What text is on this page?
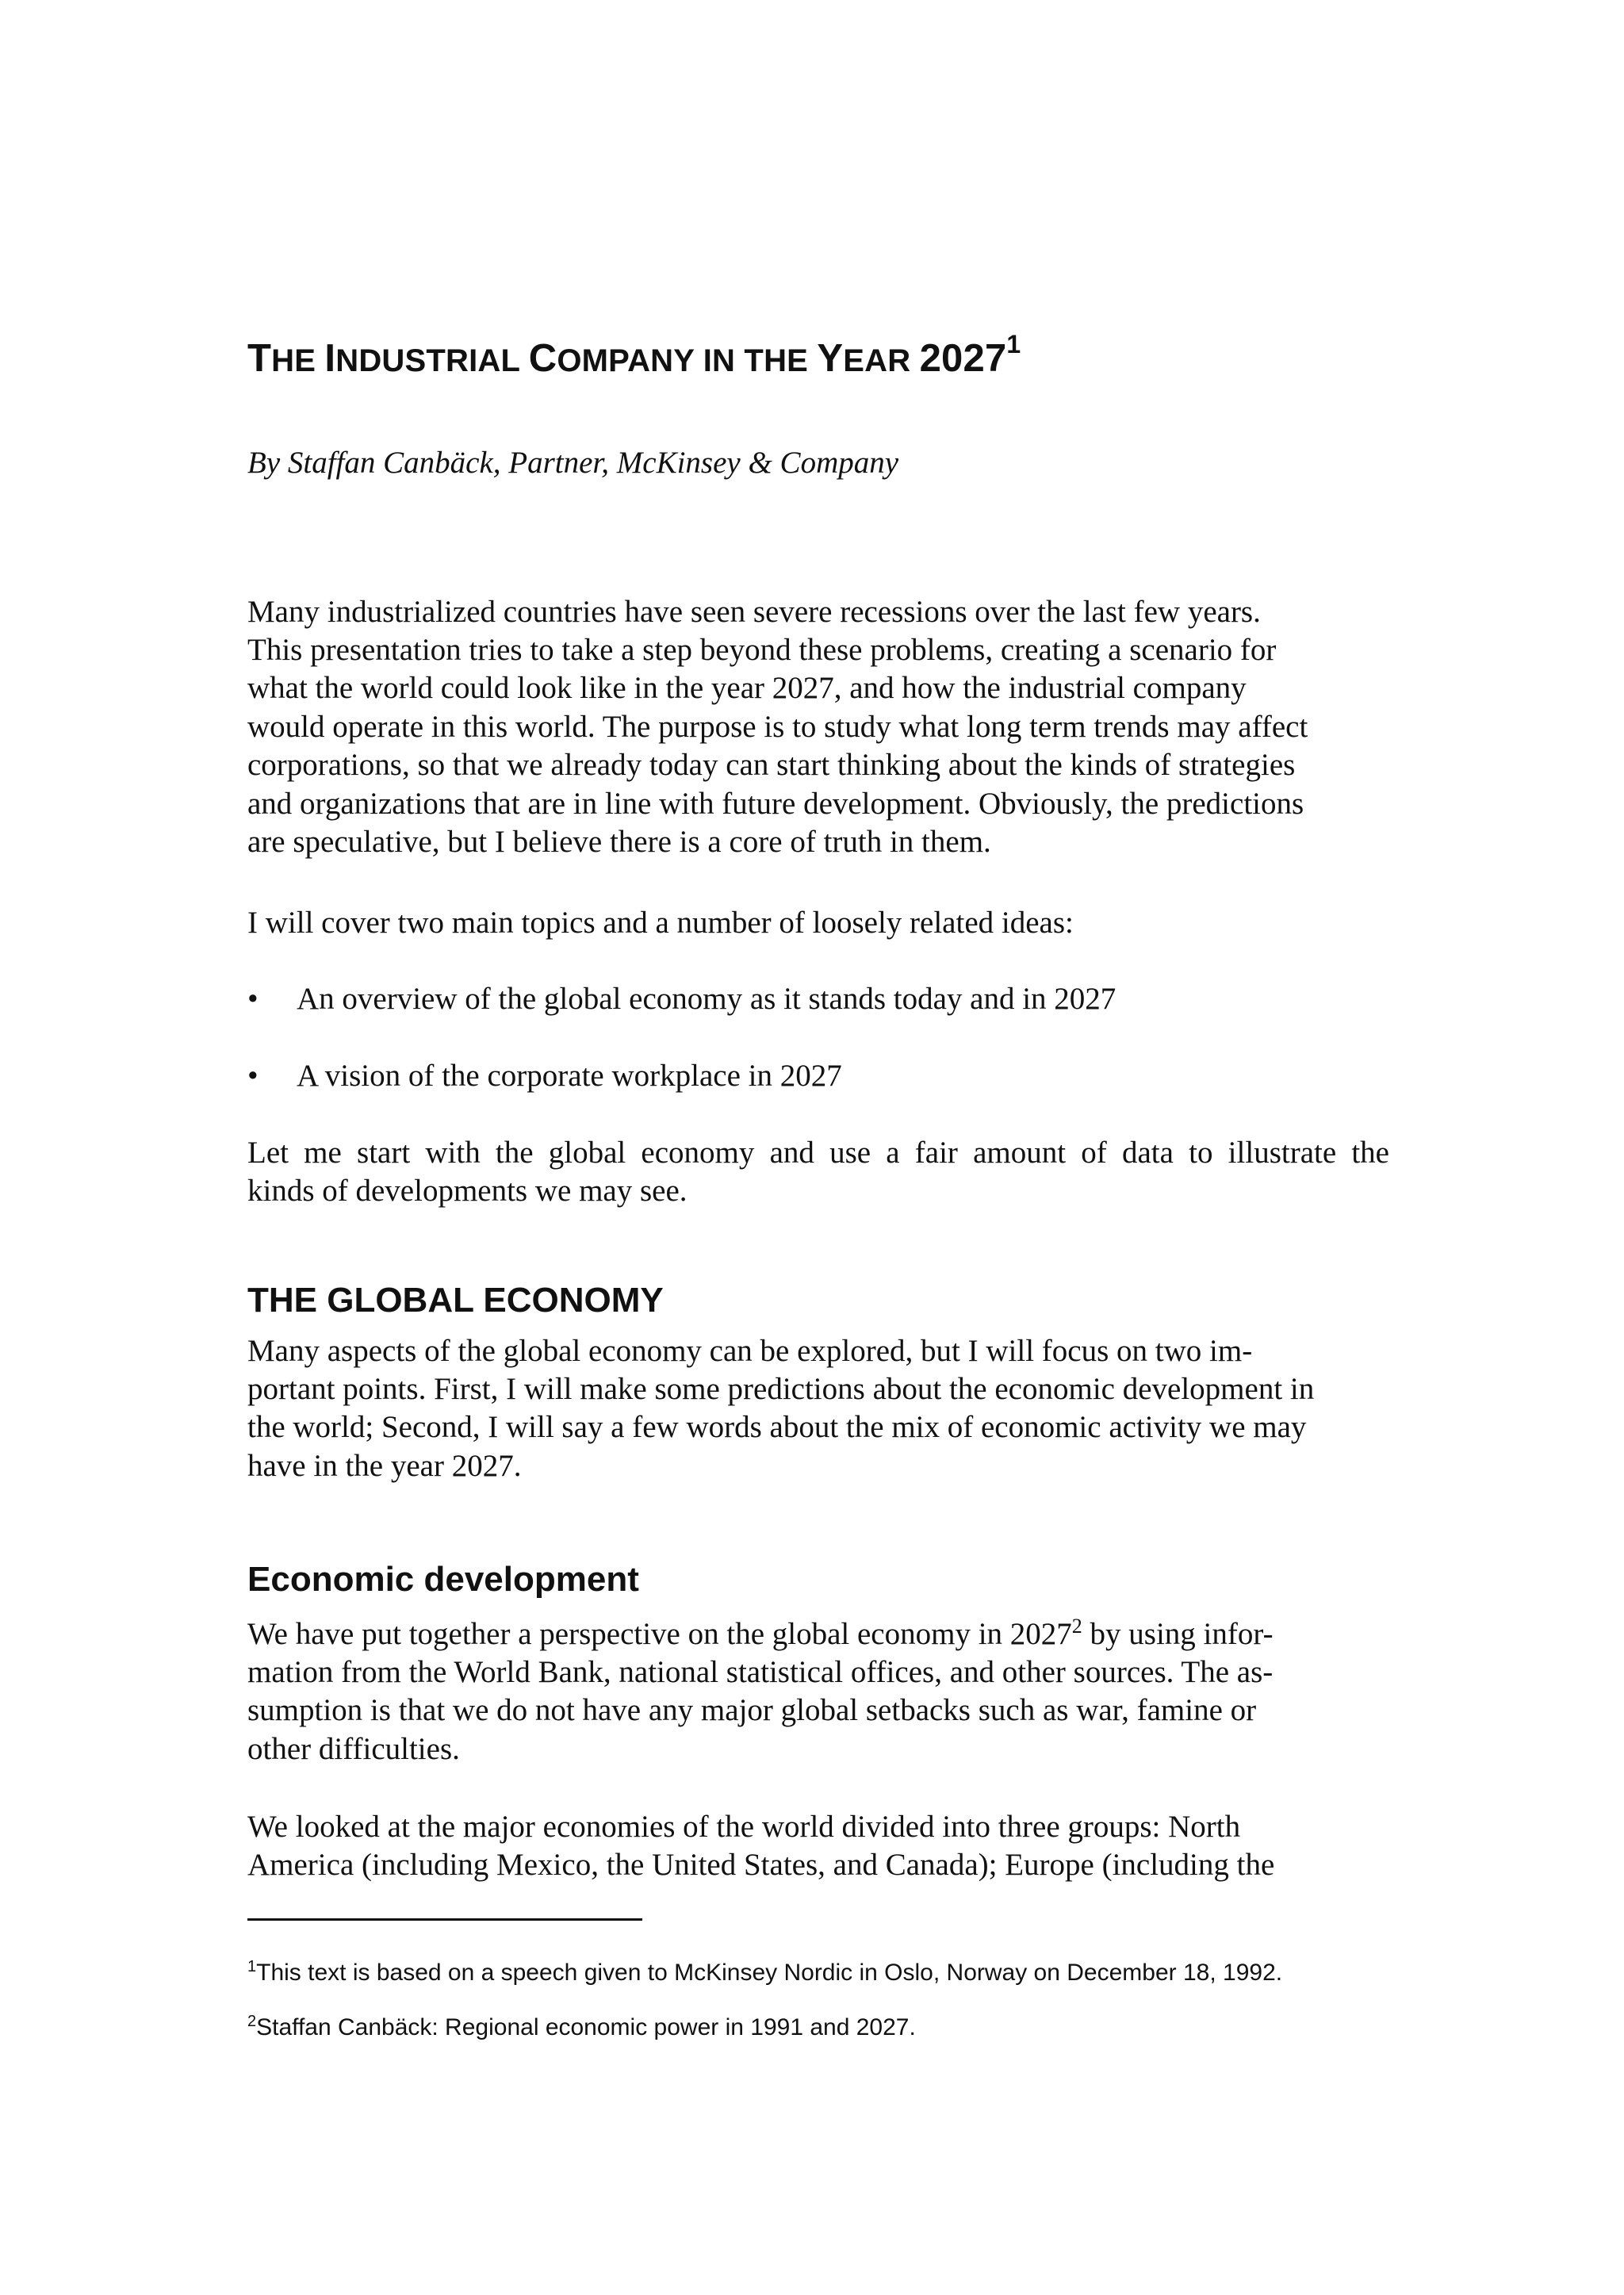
THE INDUSTRIAL COMPANY IN THE YEAR 2027$^1$

By Staffan Canbäck, Partner, McKinsey & Company

Many industrialized countries have seen severe recessions over the last few years.

This presentation tries to take a step beyond these problems, creating a scenario for

what the world could look like in the year 2027, and how the industrial company

would operate in this world. The purpose is to study what long term trends may affect

corporations, so that we already today can start thinking about the kinds of strategies

and organizations that are in line with future development. Obviously, the predictions

are speculative, but I believe there is a core of truth in them.

I will cover two main topics and a number of loosely related ideas:

• An overview of the global economy as it stands today and in 2027
• A vision of the corporate workplace in 2027

Let me start with the global economy and use a fair amount of data to illustrate the

kinds of developments we may see.

THE GLOBAL ECONOMY

Many aspects of the global economy can be explored, but I will focus on two im-

portant points. First, I will make some predictions about the economic development in

the world; Second, I will say a few words about the mix of economic activity we may

have in the year 2027.

Economic development

We have put together a perspective on the global economy in 2027$^2$ by using infor-

mation from the World Bank, national statistical offices, and other sources. The as-

sumption is that we do not have any major global setbacks such as war, famine or

other difficulties.

We looked at the major economies of the world divided into three groups: North

America (including Mexico, the United States, and Canada); Europe (including the

$^1$This text is based on a speech given to McKinsey Nordic in Oslo, Norway on December 18, 1992.

$^2$Staffan Canbäck: Regional economic power in 1991 and 2027.
